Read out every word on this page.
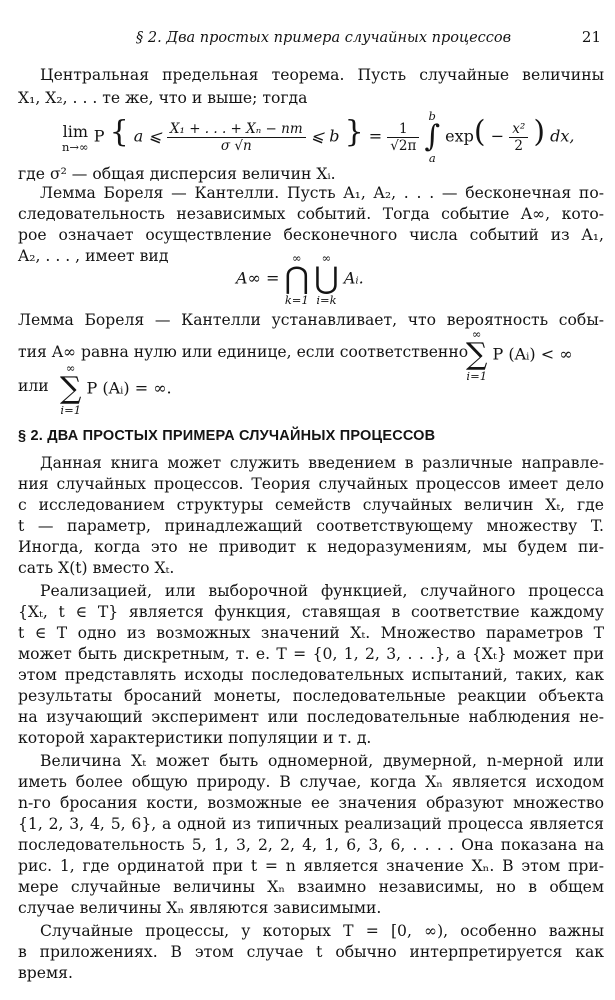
§ 2. Два простых примера случайных процессов	21
Центральная предельная теорема. Пусть случайные величины
X₁, X₂, . . . те же, что и выше; тогда
lim
n→∞
P { a ⩽ $\frac{\text{X₁ + . . . + Xₙ − nm}}{\sigma √n}$ ⩽ b } = $\frac{1}{√2\pi}$

b
∫
a
$\exp( - \frac{\text{x²}}{2}$ ) dx,
где σ² — общая дисперсия величин Xᵢ.
Лемма Бореля — Кантелли. Пусть A₁, A₂, . . . — бесконечная по-
следовательность независимых событий. Тогда событие A∞, кото-
рое означает осуществление бесконечного числа событий из A₁,
A₂, . . . , имеет вид
A∞ =
∞
⋂
k=1

∞
⋃
i=k
Aᵢ.
Лемма Бореля — Кантелли устанавливает, что вероятность собы-
тия A∞ равна нулю или единице, если соответственно
∞
∑
i=1
P (Aᵢ) < ∞
или
∞
∑
i=1
P (Aᵢ) = ∞.
§ 2. ДВА ПРОСТЫХ ПРИМЕРА СЛУЧАЙНЫХ ПРОЦЕССОВ
Данная книга может служить введением в различные направле-
ния случайных процессов. Теория случайных процессов имеет дело
с исследованием структуры семейств случайных величин Xₜ, где
t — параметр, принадлежащий соответствующему множеству T.
Иногда, когда это не приводит к недоразумениям, мы будем пи-
сать X(t) вместо Xₜ.
Реализацией, или выборочной функцией, случайного процесса
{Xₜ, t ∈ T} является функция, ставящая в соответствие каждому
t ∈ T одно из возможных значений Xₜ. Множество параметров T
может быть дискретным, т. е. T = {0, 1, 2, 3, . . .}, а {Xₜ} может при
этом представлять исходы последовательных испытаний, таких, как
результаты бросаний монеты, последовательные реакции объекта
на изучающий эксперимент или последовательные наблюдения не-
которой характеристики популяции и т. д.
Величина Xₜ может быть одномерной, двумерной, n-мерной или
иметь более общую природу. В случае, когда Xₙ является исходом
n-го бросания кости, возможные ее значения образуют множество
{1, 2, 3, 4, 5, 6}, а одной из типичных реализаций процесса является
последовательность 5, 1, 3, 2, 2, 4, 1, 6, 3, 6, . . . . Она показана на
рис. 1, где ординатой при t = n является значение Xₙ. В этом при-
мере случайные величины Xₙ взаимно независимы, но в общем
случае величины Xₙ являются зависимыми.
Случайные процессы, у которых T = [0, ∞), особенно важны
в приложениях. В этом случае t обычно интерпретируется как
время.
